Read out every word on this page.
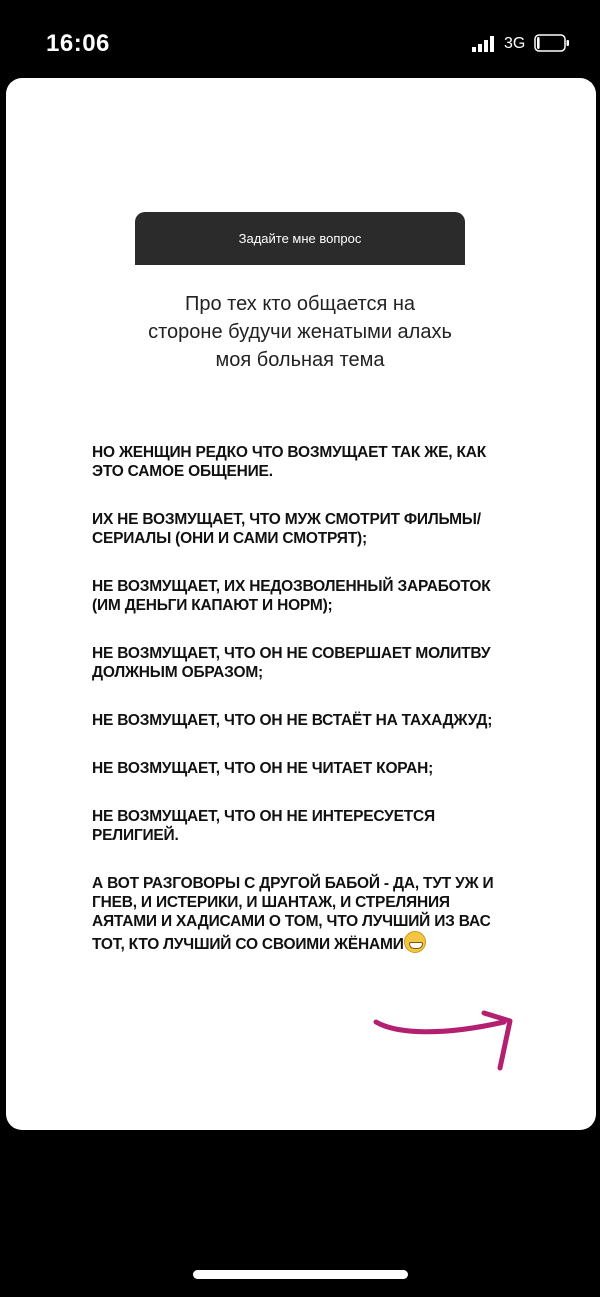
16:06	3G
Задайте мне вопрос
Про тех кто общается на стороне будучи женатыми алахь моя больная тема

НО ЖЕНЩИН РЕДКО ЧТО ВОЗМУЩАЕТ ТАК ЖЕ, КАК ЭТО САМОЕ ОБЩЕНИЕ.

ИХ НЕ ВОЗМУЩАЕТ, ЧТО МУЖ СМОТРИТ ФИЛЬМЫ/СЕРИАЛЫ (ОНИ И САМИ СМОТРЯТ);

НЕ ВОЗМУЩАЕТ, ИХ НЕДОЗВОЛЕННЫЙ ЗАРАБОТОК (ИМ ДЕНЬГИ КАПАЮТ И НОРМ);

НЕ ВОЗМУЩАЕТ, ЧТО ОН НЕ СОВЕРШАЕТ МОЛИТВУ ДОЛЖНЫМ ОБРАЗОМ;

НЕ ВОЗМУЩАЕТ, ЧТО ОН НЕ ВСТАЁТ НА ТАХАДЖУД;

НЕ ВОЗМУЩАЕТ, ЧТО ОН НЕ ЧИТАЕТ КОРАН;

НЕ ВОЗМУЩАЕТ, ЧТО ОН НЕ ИНТЕРЕСУЕТСЯ РЕЛИГИЕЙ.

А ВОТ РАЗГОВОРЫ С ДРУГОЙ БАБОЙ - ДА, ТУТ УЖ И ГНЕВ, И ИСТЕРИКИ, И ШАНТАЖ, И СТРЕЛЯНИЯ АЯТАМИ И ХАДИСАМИ О ТОМ, ЧТО ЛУЧШИЙ ИЗ ВАС ТОТ, КТО ЛУЧШИЙ СО СВОИМИ ЖЁНАМИ
